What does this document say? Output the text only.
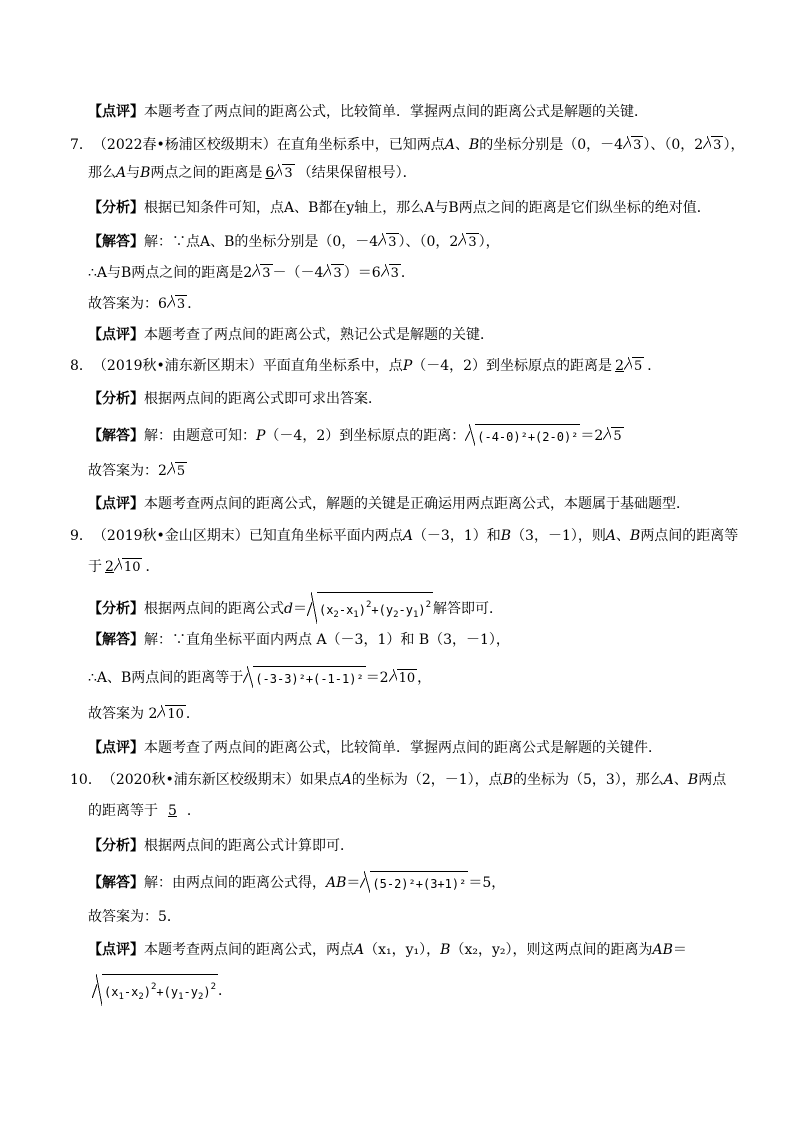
【点评】 本题考查了两点间的距离公式，比较简单．掌握两点间的距离公式是解题的关键．
7． （2022春•杨浦区校级期末） 在直角坐标系中，已知两点 A 、 B 的坐标分别是（0，－4 3 ）、（0，2 3 ），
那么 A 与 B 两点之间的距离是 6 3 （结果保留根号）．
【分析】 根据已知条件可知，点A、B都在y轴上，那么A与B两点之间的距离是它们纵坐标的绝对值．
【解答】 解：∵点A、B的坐标分别是（0，－4 3 ）、（0，2 3 ），
∴A与B两点之间的距离是2 3 －（－4 3 ）＝6 3 ．
故答案为：6 3 ．
【点评】 本题考查了两点间的距离公式，熟记公式是解题的关键．
8． （2019秋•浦东新区期末） 平面直角坐标系中，点 P （－4，2）到坐标原点的距离是 2 5 ．
【分析】 根据两点间的距离公式即可求出答案．
【解答】 解：由题意可知： P （－4，2）到坐标原点的距离： (-4-0)²+(2-0)² ＝2 5
故答案为：2 5
【点评】 本题考查两点间的距离公式，解题的关键是正确运用两点距离公式，本题属于基础题型．
9． （2019秋•金山区期末） 已知直角坐标平面内两点 A （－3，1）和 B （3，－1），则 A 、 B 两点间的距离等
于 2 10 ．
【分析】 根据两点间的距离公式 $d = (x_2-x_1)^2+(y_2-y_1)^2$ 解答即可．
【解答】 解：∵直角坐标平面内两点 A（－3，1）和 B（3，－1），
∴A、B两点间的距离等于 (-3-3)²+(-1-1)² ＝2 10 ，
故答案为 2 10 ．
【点评】 本题考查了两点间的距离公式，比较简单．掌握两点间的距离公式是解题的关键件．
10． （2020秋•浦东新区校级期末） 如果点 A 的坐标为（2，－1），点 B 的坐标为（5，3），那么 A 、 B 两点
的距离等于 5 ．
【分析】 根据两点间的距离公式计算即可．
【解答】 解：由两点间的距离公式得， AB ＝ (5-2)²+(3+1)² ＝5，
故答案为：5．
【点评】 本题考查两点间的距离公式，两点 A （x₁，y₁）， B （x₂，y₂），则这两点间的距离为 AB ＝
$(x_1-x_2)^2+(y_1-y_2)^2$ ．
